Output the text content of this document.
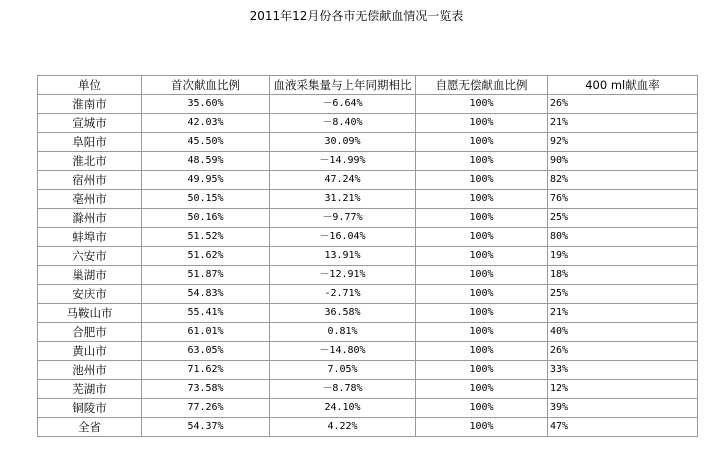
2011年12月份各市无偿献血情况一览表
单位	首次献血比例	血液采集量与上年同期相比	自愿无偿献血比例	400 ml献血率
淮南市	35.60%	－6.64%	100%	26%
宣城市	42.03%	－8.40%	100%	21%
阜阳市	45.50%	30.09%	100%	92%
淮北市	48.59%	－14.99%	100%	90%
宿州市	49.95%	47.24%	100%	82%
亳州市	50.15%	31.21%	100%	76%
滁州市	50.16%	－9.77%	100%	25%
蚌埠市	51.52%	－16.04%	100%	80%
六安市	51.62%	13.91%	100%	19%
巢湖市	51.87%	－12.91%	100%	18%
安庆市	54.83%	-2.71%	100%	25%
马鞍山市	55.41%	36.58%	100%	21%
合肥市	61.01%	0.81%	100%	40%
黄山市	63.05%	－14.80%	100%	26%
池州市	71.62%	7.05%	100%	33%
芜湖市	73.58%	－8.78%	100%	12%
铜陵市	77.26%	24.10%	100%	39%
全省	54.37%	4.22%	100%	47%
